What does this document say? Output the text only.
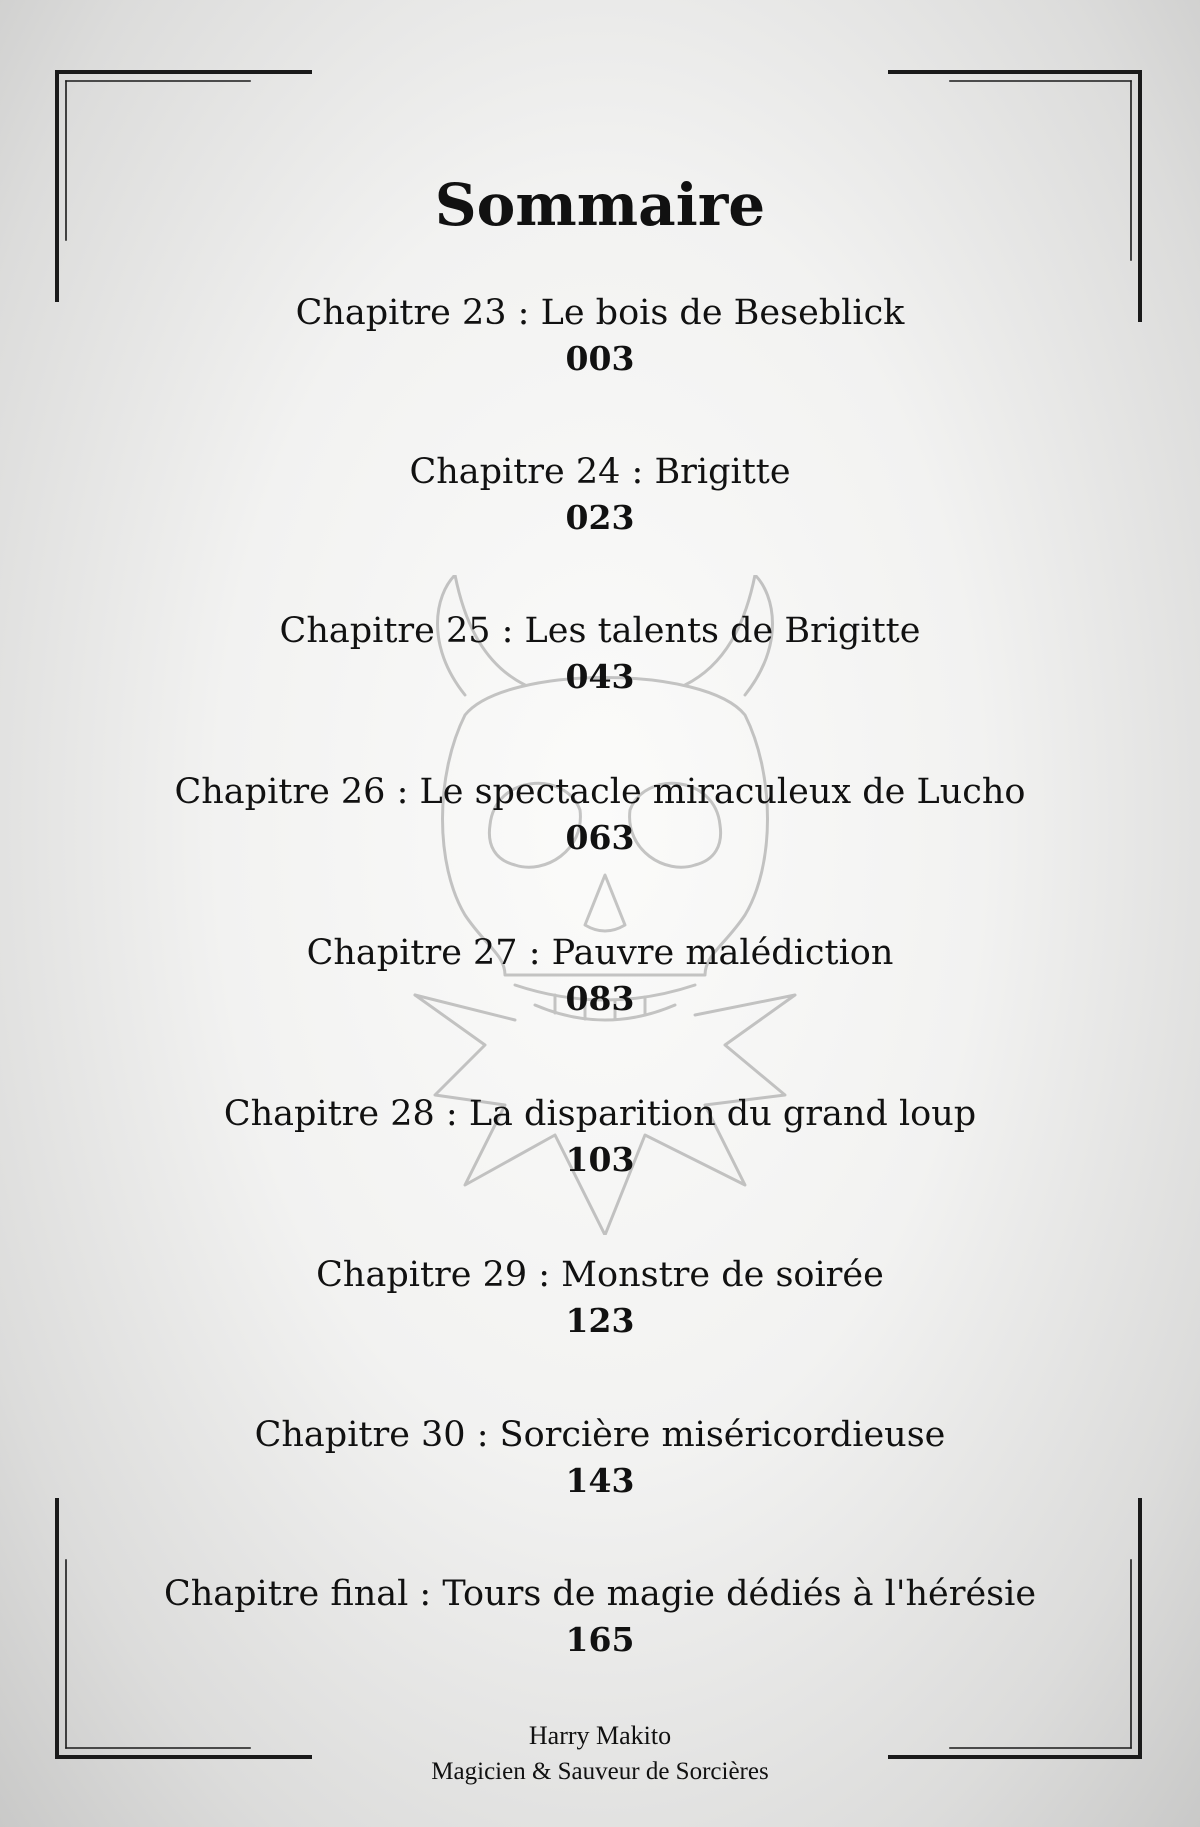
Sommaire
Chapitre 23 : Le bois de Beseblick
003
Chapitre 24 : Brigitte
023
Chapitre 25 : Les talents de Brigitte
043
Chapitre 26 : Le spectacle miraculeux de Lucho
063
Chapitre 27 : Pauvre malédiction
083
Chapitre 28 : La disparition du grand loup
103
Chapitre 29 : Monstre de soirée
123
Chapitre 30 : Sorcière miséricordieuse
143
Chapitre final : Tours de magie dédiés à l'hérésie
165
Harry Makito
Magicien & Sauveur de Sorcières
